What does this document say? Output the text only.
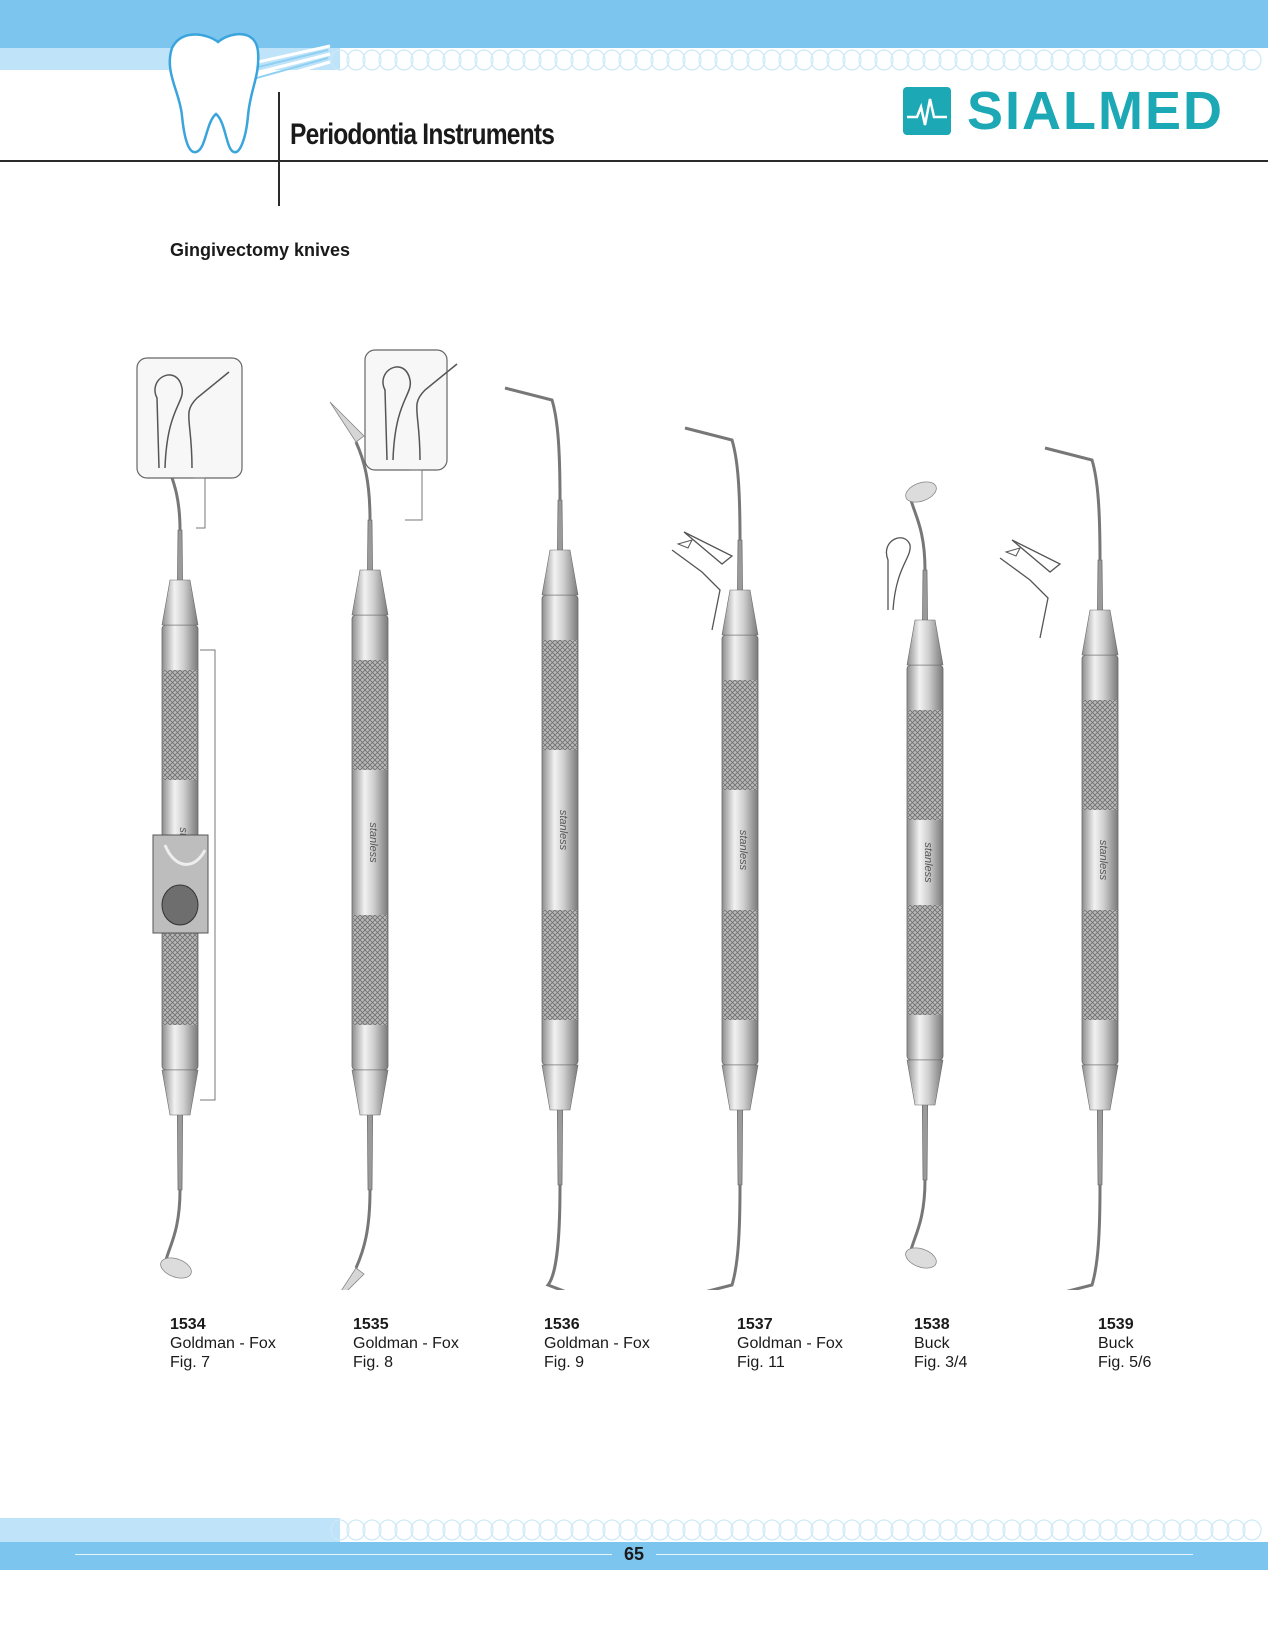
Periodontia Instruments	SIALMED
Gingivectomy knives
stanless	stanless	stanless	stanless	stanless
1534
Goldman - Fox
Fig. 7
1535
Goldman - Fox
Fig. 8
1536
Goldman - Fox
Fig. 9
1537
Goldman - Fox
Fig. 11
1538
Buck
Fig. 3/4
1539
Buck
Fig. 5/6
65
